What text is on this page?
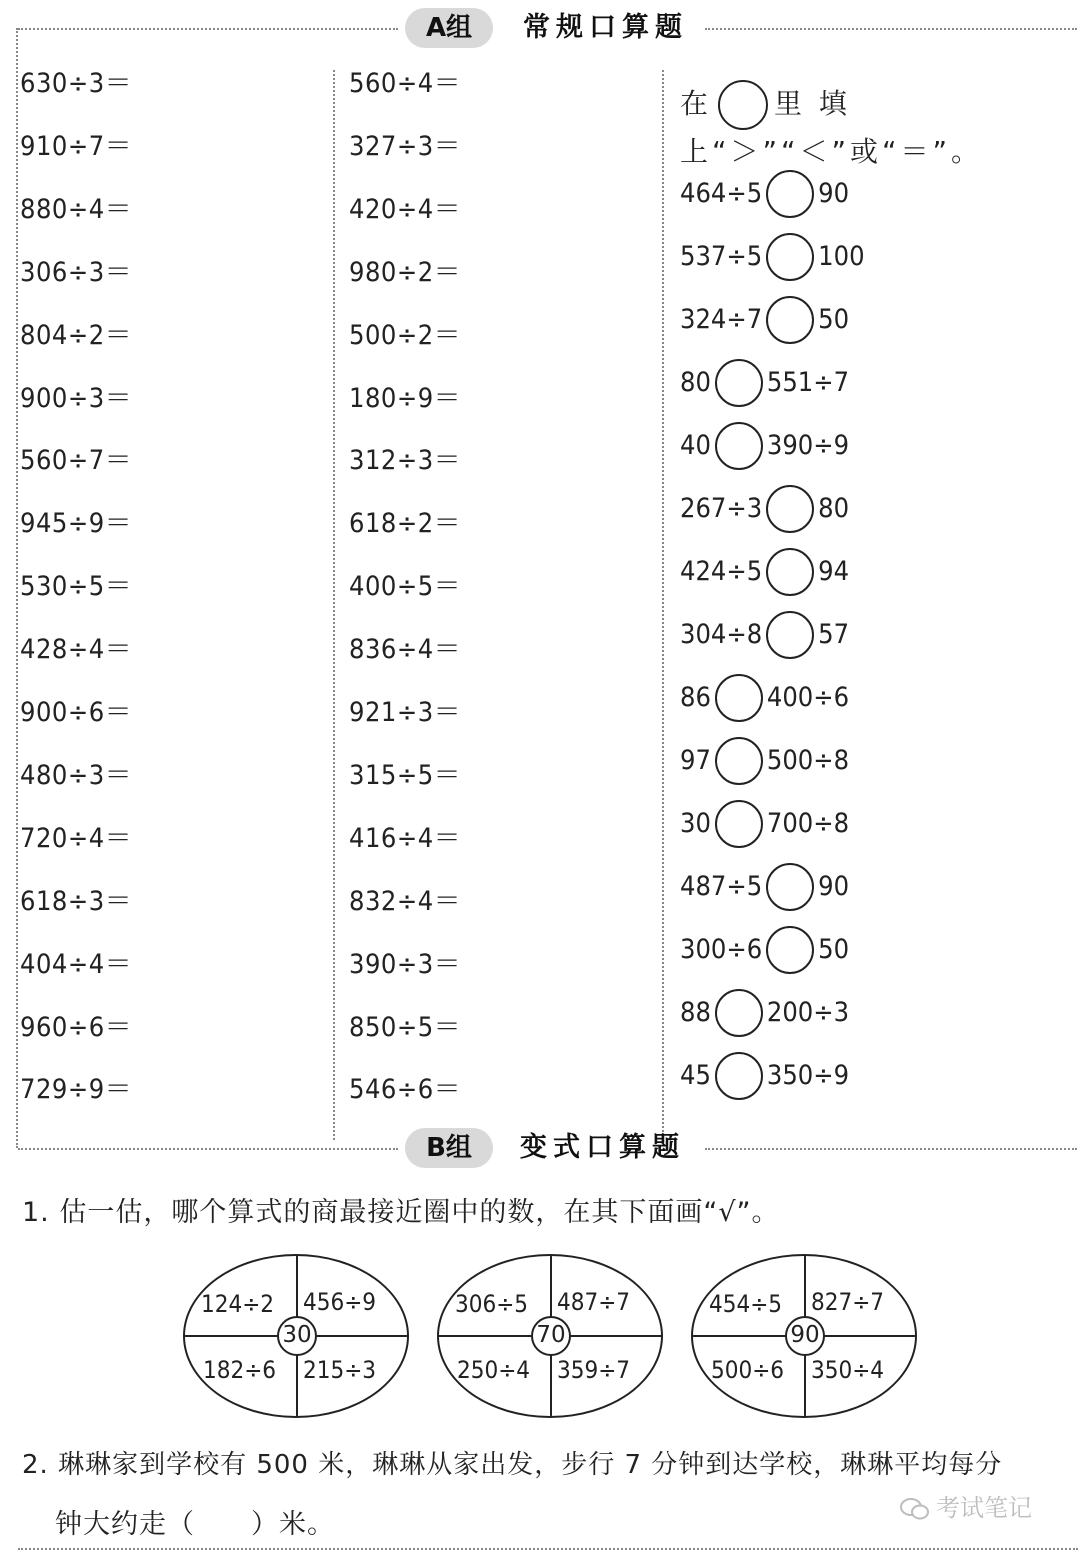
A组	常规口算题
630÷3＝
910÷7＝
880÷4＝
306÷3＝
804÷2＝
900÷3＝
560÷7＝
945÷9＝
530÷5＝
428÷4＝
900÷6＝
480÷3＝
720÷4＝
618÷3＝
404÷4＝
960÷6＝
729÷9＝
560÷4＝
327÷3＝
420÷4＝
980÷2＝
500÷2＝
180÷9＝
312÷3＝
618÷2＝
400÷5＝
836÷4＝
921÷3＝
315÷5＝
416÷4＝
832÷4＝
390÷3＝
850÷5＝
546÷6＝
在 里 填 上“＞”“＜”或“＝”。
464÷5 90
537÷5 100
324÷7 50
80 551÷7
40 390÷9
267÷3 80
424÷5 94
304÷8 57
86 400÷6
97 500÷8
30 700÷8
487÷5 90
300÷6 50
88 200÷3
45 350÷9
B组	变式口算题
1. 估一估，哪个算式的商最接近圈中的数，在其下面画“√”。
124÷2 456÷9
182÷6 215÷3
30
306÷5 487÷7
250÷4 359÷7
70
454÷5 827÷7
500÷6 350÷4
90
2. 琳琳家到学校有 500 米，琳琳从家出发，步行 7 分钟到达学校，琳琳平均每分
钟大约走（　　）米。
考试笔记
